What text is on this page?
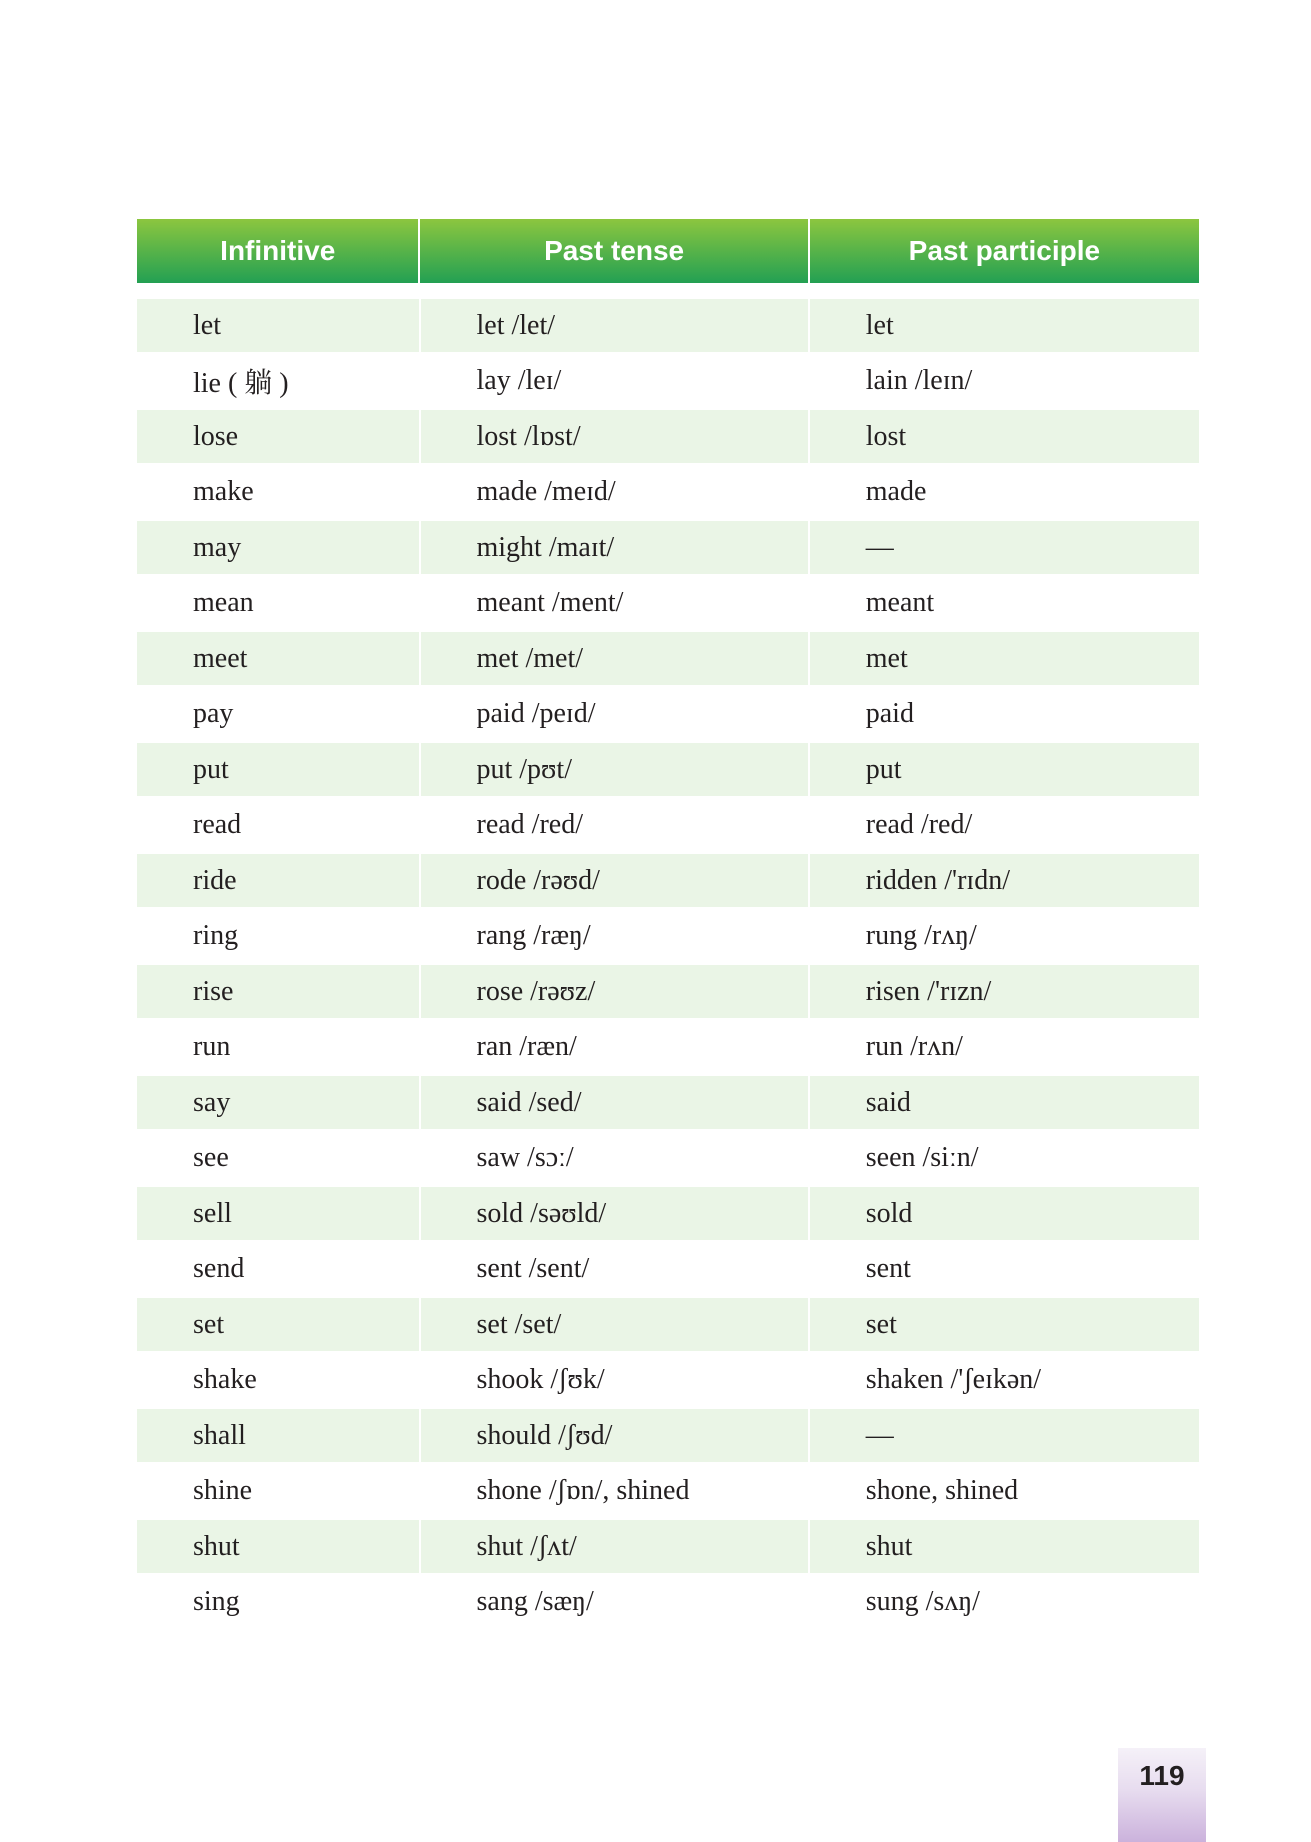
Infinitive	Past tense	Past participle
let	let /let/	let
lie ( 躺 )	lay /leɪ/	lain /leɪn/
lose	lost /lɒst/	lost
make	made /meɪd/	made
may	might /maɪt/	—
mean	meant /ment/	meant
meet	met /met/	met
pay	paid /peɪd/	paid
put	put /pʊt/	put
read	read /red/	read /red/
ride	rode /rəʊd/	ridden /'rɪdn/
ring	rang /ræŋ/	rung /rʌŋ/
rise	rose /rəʊz/	risen /'rɪzn/
run	ran /ræn/	run /rʌn/
say	said /sed/	said
see	saw /sɔː/	seen /siːn/
sell	sold /səʊld/	sold
send	sent /sent/	sent
set	set /set/	set
shake	shook /ʃʊk/	shaken /'ʃeɪkən/
shall	should /ʃʊd/	—
shine	shone /ʃɒn/, shined	shone, shined
shut	shut /ʃʌt/	shut
sing	sang /sæŋ/	sung /sʌŋ/
119
